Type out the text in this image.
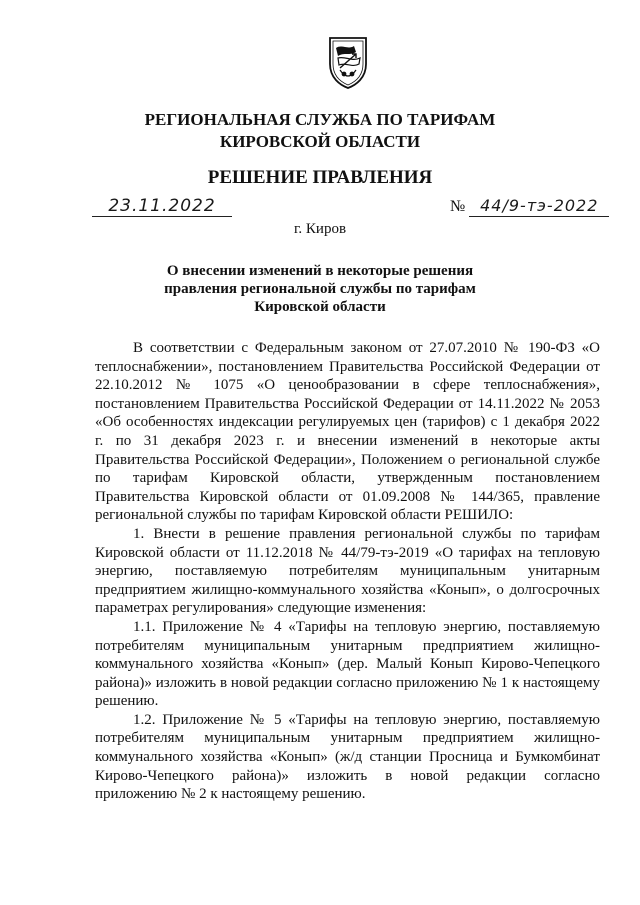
РЕГИОНАЛЬНАЯ СЛУЖБА ПО ТАРИФАМ
КИРОВСКОЙ ОБЛАСТИ
РЕШЕНИЕ ПРАВЛЕНИЯ
23.11.2022	№ 44/9-тэ-2022
г. Киров
О внесении изменений в некоторые решения
правления региональной службы по тарифам
Кировской области

В соответствии с Федеральным законом от 27.07.2010 № 190-ФЗ «О теплоснабжении», постановлением Правительства Российской Федерации от 22.10.2012 № 1075 «О ценообразовании в сфере теплоснабжения», постановлением Правительства Российской Федерации от 14.11.2022 № 2053 «Об особенностях индексации регулируемых цен (тарифов) с 1 декабря 2022 г. по 31 декабря 2023 г. и внесении изменений в некоторые акты Правительства Российской Федерации», Положением о региональной службе по тарифам Кировской области, утвержденным постановлением Правительства Кировской области от 01.09.2008 № 144/365, правление региональной службы по тарифам Кировской области РЕШИЛО:

1. Внести в решение правления региональной службы по тарифам Кировской области от 11.12.2018 № 44/79-тэ-2019 «О тарифах на тепловую энергию, поставляемую потребителям муниципальным унитарным предприятием жилищно-коммунального хозяйства «Конып», о долгосрочных параметрах регулирования» следующие изменения:

1.1. Приложение № 4 «Тарифы на тепловую энергию, поставляемую потребителям муниципальным унитарным предприятием жилищно-коммунального хозяйства «Конып» (дер. Малый Конып Кирово-Чепецкого района)» изложить в новой редакции согласно приложению № 1 к настоящему решению.

1.2. Приложение № 5 «Тарифы на тепловую энергию, поставляемую потребителям муниципальным унитарным предприятием жилищно-коммунального хозяйства «Конып» (ж/д станции Просница и Бумкомбинат Кирово-Чепецкого района)» изложить в новой редакции согласно приложению № 2 к настоящему решению.
